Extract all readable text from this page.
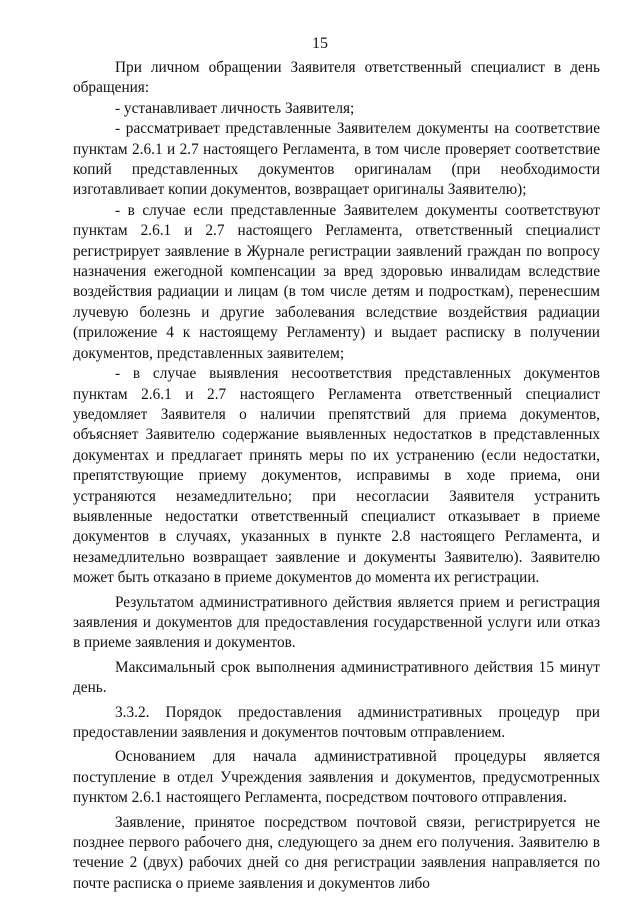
15

При личном обращении Заявителя ответственный специалист в день обращения:

- устанавливает личность Заявителя;

- рассматривает представленные Заявителем документы на соответствие пунктам 2.6.1 и 2.7 настоящего Регламента, в том числе проверяет соответствие копий представленных документов оригиналам (при необходимости изготавливает копии документов, возвращает оригиналы Заявителю);

- в случае если представленные Заявителем документы соответствуют пунктам 2.6.1 и 2.7 настоящего Регламента, ответственный специалист регистрирует заявление в Журнале регистрации заявлений граждан по вопросу назначения ежегодной компенсации за вред здоровью инвалидам вследствие воздействия радиации и лицам (в том числе детям и подросткам), перенесшим лучевую болезнь и другие заболевания вследствие воздействия радиации (приложение 4 к настоящему Регламенту) и выдает расписку в получении документов, представленных заявителем;

- в случае выявления несоответствия представленных документов пунктам 2.6.1 и 2.7 настоящего Регламента ответственный специалист уведомляет Заявителя о наличии препятствий для приема документов, объясняет Заявителю содержание выявленных недостатков в представленных документах и предлагает принять меры по их устранению (если недостатки, препятствующие приему документов, исправимы в ходе приема, они устраняются незамедлительно; при несогласии Заявителя устранить выявленные недостатки ответственный специалист отказывает в приеме документов в случаях, указанных в пункте 2.8 настоящего Регламента, и незамедлительно возвращает заявление и документы Заявителю). Заявителю может быть отказано в приеме документов до момента их регистрации.

Результатом административного действия является прием и регистрация заявления и документов для предоставления государственной услуги или отказ в приеме заявления и документов.

Максимальный срок выполнения административного действия 15 минут день.

3.3.2. Порядок предоставления административных процедур при предоставлении заявления и документов почтовым отправлением.

Основанием для начала административной процедуры является поступление в отдел Учреждения заявления и документов, предусмотренных пунктом 2.6.1 настоящего Регламента, посредством почтового отправления.

Заявление, принятое посредством почтовой связи, регистрируется не позднее первого рабочего дня, следующего за днем его получения. Заявителю в течение 2 (двух) рабочих дней со дня регистрации заявления направляется по почте расписка о приеме заявления и документов либо
